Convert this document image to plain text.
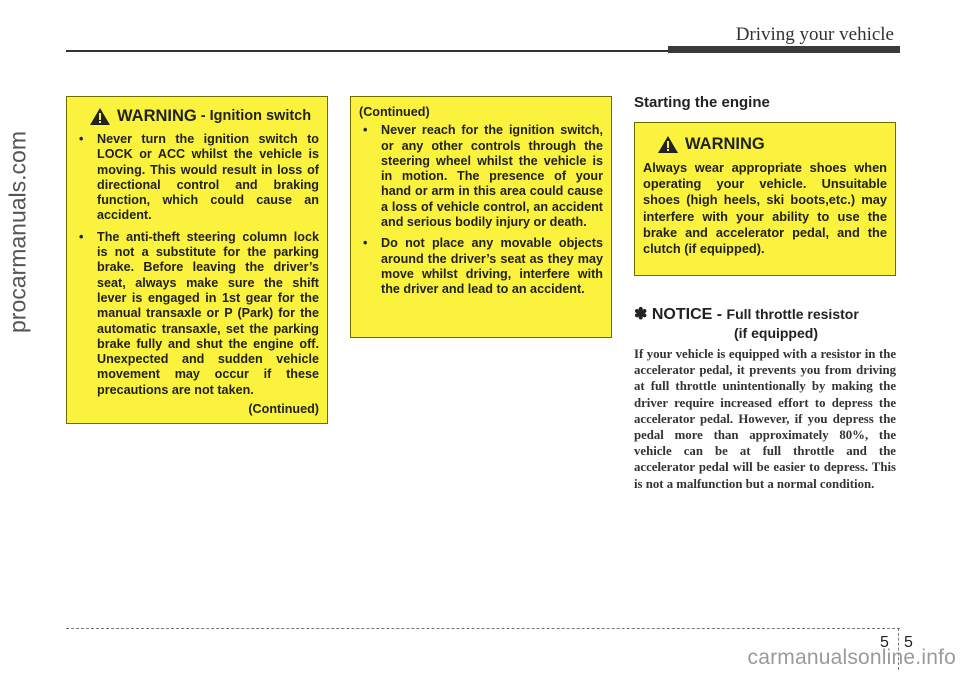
Driving your vehicle
procarmanuals.com
WARNING - Ignition switch
• Never turn the ignition switch to LOCK or ACC whilst the vehicle is moving. This would result in loss of directional control and braking function, which could cause an accident.
• The anti-theft steering column lock is not a substitute for the parking brake. Before leaving the driver’s seat, always make sure the shift lever is engaged in 1st gear for the manual transaxle or P (Park) for the automatic transaxle, set the parking brake fully and shut the engine off. Unexpected and sudden vehicle movement may occur if these precautions are not taken.
(Continued)
(Continued)
• Never reach for the ignition switch, or any other controls through the steering wheel whilst the vehicle is in motion. The presence of your hand or arm in this area could cause a loss of vehicle control, an accident and serious bodily injury or death.
• Do not place any movable objects around the driver’s seat as they may move whilst driving, interfere with the driver and lead to an accident.
Starting the engine
WARNING
Always wear appropriate shoes when operating your vehicle. Unsuitable shoes (high heels, ski boots,etc.) may interfere with your ability to use the brake and accelerator pedal, and the clutch (if equipped).
✽ NOTICE - Full throttle resistor
(if equipped)
If your vehicle is equipped with a resistor in the accelerator pedal, it prevents you from driving at full throttle unintentionally by making the driver require increased effort to depress the accelerator pedal. However, if you depress the pedal more than approximately 80%, the vehicle can be at full throttle and the accelerator pedal will be easier to depress. This is not a malfunction but a normal condition.
5 5
carmanualsonline.info
